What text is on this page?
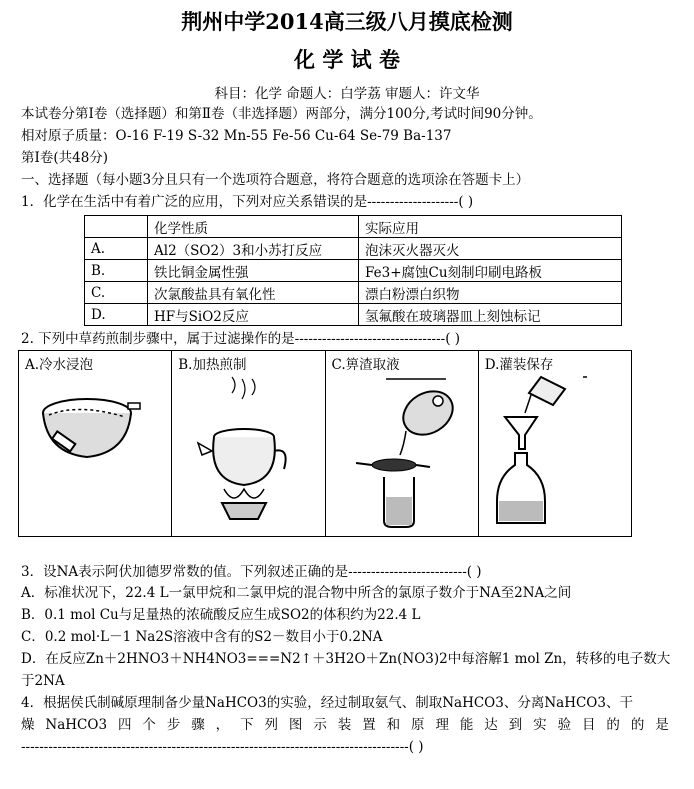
荆州中学2014高三级八月摸底检测
化 学 试 卷
科目：化学 命题人：白学荔 审题人：许文华
本试卷分第Ⅰ卷（选择题）和第Ⅱ卷（非选择题）两部分，满分100分,考试时间90分钟。
相对原子质量：O-16 F-19 S-32 Mn-55 Fe-56 Cu-64 Se-79 Ba-137
第Ⅰ卷(共48分)
一、选择题（每小题3分且只有一个选项符合题意，将符合题意的选项涂在答题卡上）
1．化学在生活中有着广泛的应用，下列对应关系错误的是--------------------( )
	化学性质	实际应用
A.	Al2（SO2）3和小苏打反应	泡沫灭火器灭火
B.	铁比铜金属性强	Fe3+腐蚀Cu刻制印刷电路板
C.	次氯酸盐具有氧化性	漂白粉漂白织物
D.	HF与SiO2反应	氢氟酸在玻璃器皿上刻蚀标记
2. 下列中草药煎制步骤中，属于过滤操作的是---------------------------------( )
A.冷水浸泡	B.加热煎制	C.箅渣取液	D.灌装保存
3．设NA表示阿伏加德罗常数的值。下列叙述正确的是--------------------------( )
A．标准状况下，22.4 L一氯甲烷和二氯甲烷的混合物中所含的氯原子数介于NA至2NA之间
B．0.1 mol Cu与足量热的浓硫酸反应生成SO2的体积约为22.4 L
C．0.2 mol·L－1 Na2S溶液中含有的S2－数目小于0.2NA
D．在反应Zn＋2HNO3＋NH4NO3===N2↑＋3H2O＋Zn(NO3)2中每溶解1 mol Zn，转移的电子数大
于2NA
4．根据侯氏制碱原理制备少量NaHCO3的实验，经过制取氨气、制取NaHCO3、分离NaHCO3、干
燥 NaHCO3 四 个 步 骤 ， 下 列 图 示 装 置 和 原 理 能 达 到 实 验 目 的 的 是
-------------------------------------------------------------------------------------( )
